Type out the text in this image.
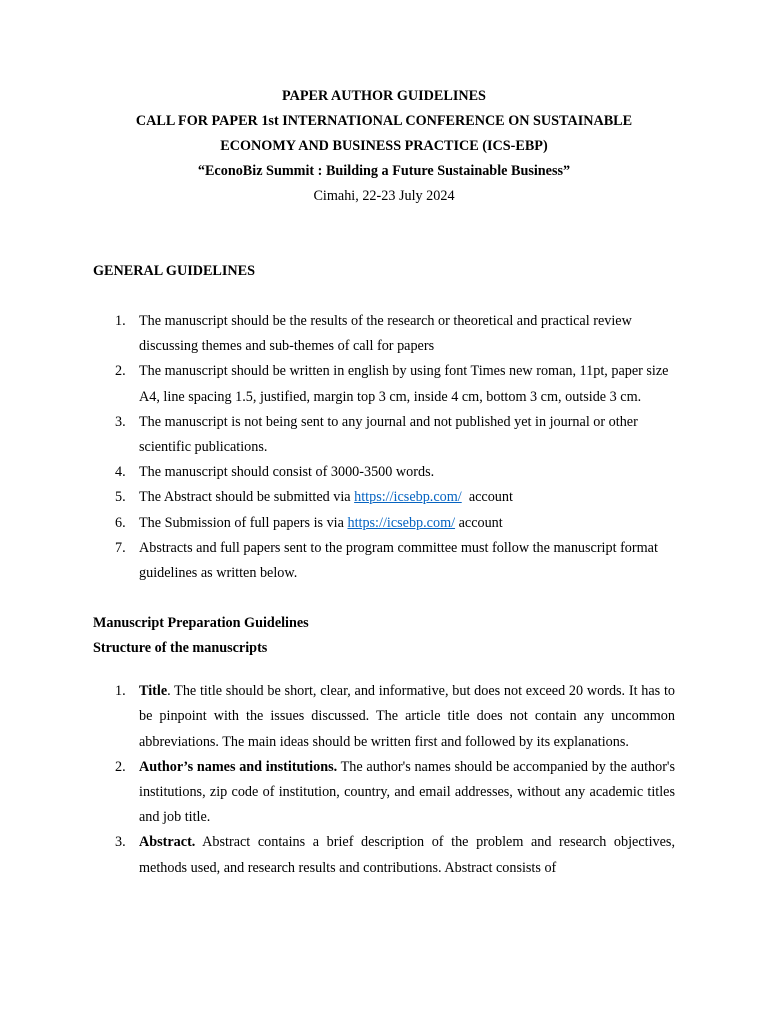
PAPER AUTHOR GUIDELINES
CALL FOR PAPER 1st INTERNATIONAL CONFERENCE ON SUSTAINABLE
ECONOMY AND BUSINESS PRACTICE (ICS-EBP)
“EconoBiz Summit : Building a Future Sustainable Business”
Cimahi, 22-23 July 2024
GENERAL GUIDELINES
1. The manuscript should be the results of the research or theoretical and practical review discussing themes and sub-themes of call for papers
2. The manuscript should be written in english by using font Times new roman, 11pt, paper size A4, line spacing 1.5, justified, margin top 3 cm, inside 4 cm, bottom 3 cm, outside 3 cm.
3. The manuscript is not being sent to any journal and not published yet in journal or other scientific publications.
4. The manuscript should consist of 3000-3500 words.
5. The Abstract should be submitted via https://icsebp.com/  account
6. The Submission of full papers is via https://icsebp.com/ account
7. Abstracts and full papers sent to the program committee must follow the manuscript format guidelines as written below.
Manuscript Preparation Guidelines
Structure of the manuscripts
1. Title. The title should be short, clear, and informative, but does not exceed 20 words. It has to be pinpoint with the issues discussed. The article title does not contain any uncommon abbreviations. The main ideas should be written first and followed by its explanations.
2. Author’s names and institutions. The author's names should be accompanied by the author's institutions, zip code of institution, country, and email addresses, without any academic titles and job title.
3. Abstract. Abstract contains a brief description of the problem and research objectives, methods used, and research results and contributions. Abstract consists of
